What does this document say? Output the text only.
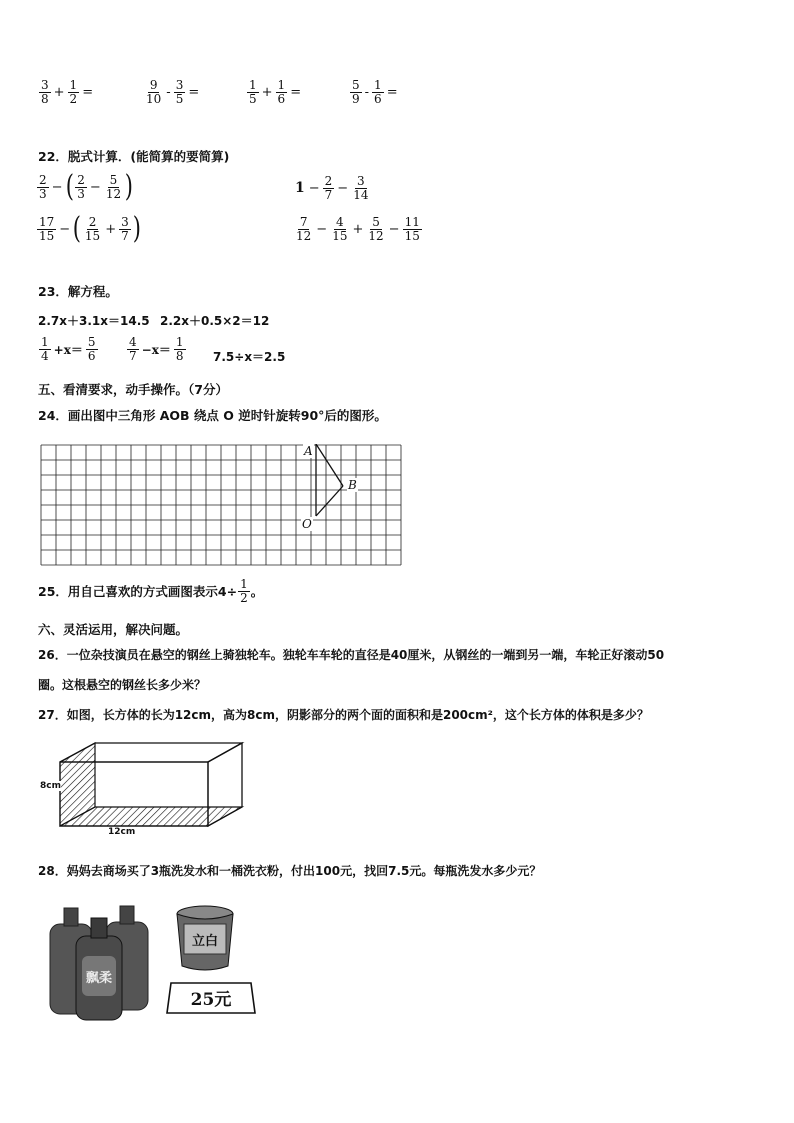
$\frac{3}{8} + \frac{1}{2}$ =	$\frac{9}{10} - \frac{3}{5}$ =	$\frac{1}{5} + \frac{1}{6}$ =	$\frac{5}{9} - \frac{1}{6}$ =
22．脱式计算．(能简算的要简算)
$\frac{2}{3}$ − ( $\frac{2}{3} - \frac{5}{12}$ )	$1 - \frac{2}{7} - \frac{3}{14}$
$\frac{17}{15}$ − ( $\frac{2}{15} + \frac{3}{7}$ )	$\frac{7}{12} - \frac{4}{15} + \frac{5}{12} - \frac{11}{15}$
23．解方程。
2.7x＋3.1x＝14.5 2.2x＋0.5×2＝12
$\frac{1}{4} +x= \frac{5}{6} \frac{4}{7} -x= \frac{1}{8} 7.5\div x=2.5$
五、看清要求，动手操作。（7分）
24．画出图中三角形 AOB 绕点 O 逆时针旋转90°后的图形。
A
B
O
25．用自己喜欢的方式画图表示$4\div \frac{1}{2}$ 。
六、灵活运用，解决问题。
26．一位杂技演员在悬空的钢丝上骑独轮车。独轮车车轮的直径是40厘米，从钢丝的一端到另一端，车轮正好滚动50
圈。这根悬空的钢丝长多少米？
27．如图，长方体的长为12cm，高为8cm，阴影部分的两个面的面积和是200cm²，这个长方体的体积是多少？
8cm
12cm
28．妈妈去商场买了3瓶洗发水和一桶洗衣粉，付出100元，找回7.5元。每瓶洗发水多少元？
飘柔
立白
25元
